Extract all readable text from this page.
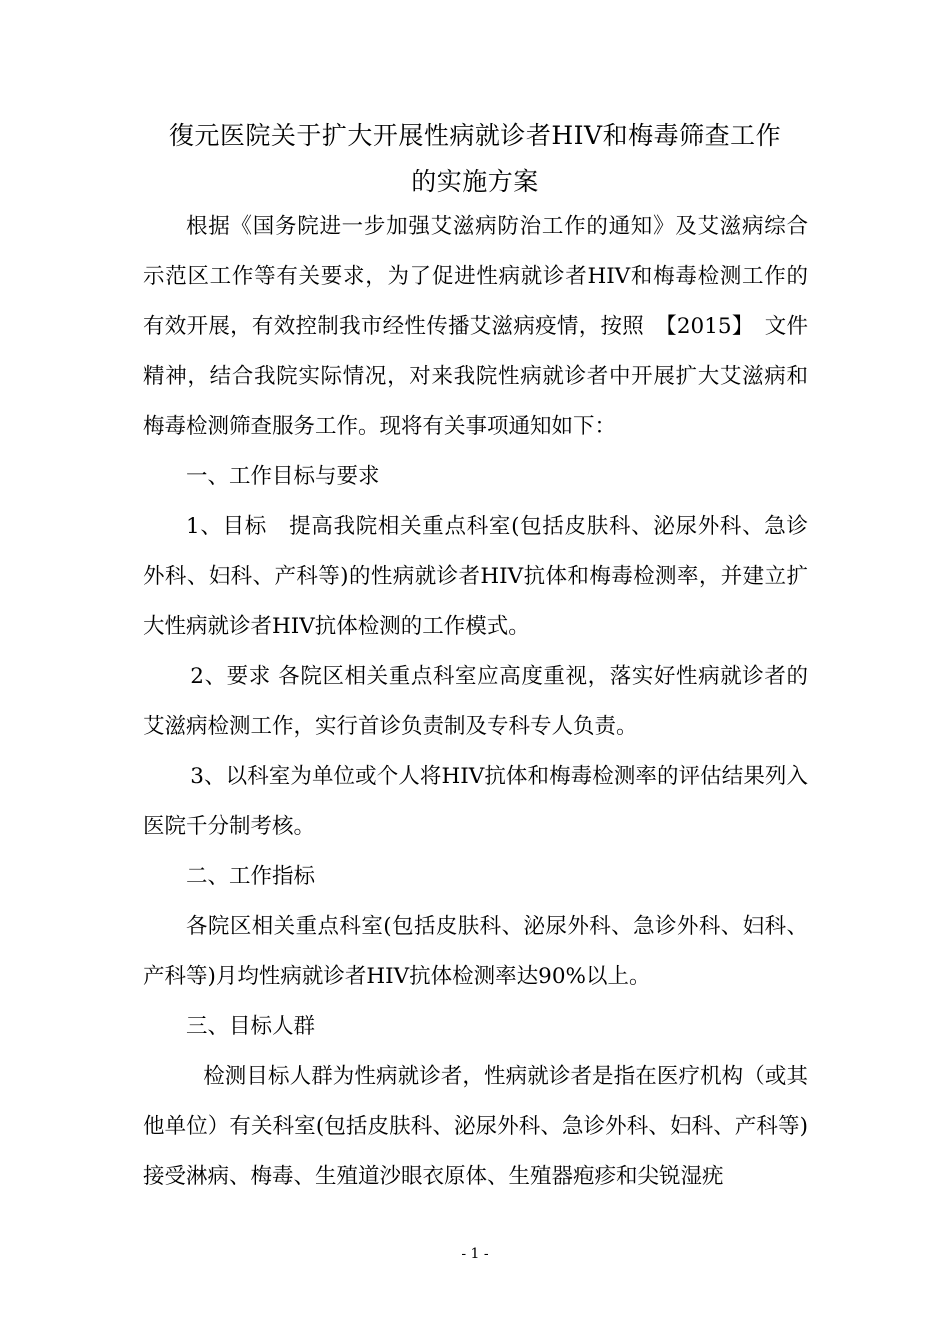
復元医院关于扩大开展性病就诊者HIV和梅毒筛查工作
的实施方案

根据《国务院进一步加强艾滋病防治工作的通知》及艾滋病综合示范区工作等有关要求，为了促进性病就诊者HIV和梅毒检测工作的有效开展，有效控制我市经性传播艾滋病疫情，按照　【2015】　文件精神，结合我院实际情况，对来我院性病就诊者中开展扩大艾滋病和梅毒检测筛查服务工作。现将有关事项通知如下：

一、工作目标与要求

1、目标　提高我院相关重点科室(包括皮肤科、泌尿外科、急诊外科、妇科、产科等)的性病就诊者HIV抗体和梅毒检测率，并建立扩大性病就诊者HIV抗体检测的工作模式。

2、要求 各院区相关重点科室应高度重视，落实好性病就诊者的艾滋病检测工作，实行首诊负责制及专科专人负责。

3、以科室为单位或个人将HIV抗体和梅毒检测率的评估结果列入医院千分制考核。

二、工作指标

各院区相关重点科室(包括皮肤科、泌尿外科、急诊外科、妇科、产科等)月均性病就诊者HIV抗体检测率达90%以上。

三、目标人群

检测目标人群为性病就诊者，性病就诊者是指在医疗机构（或其他单位）有关科室(包括皮肤科、泌尿外科、急诊外科、妇科、产科等)接受淋病、梅毒、生殖道沙眼衣原体、生殖器疱疹和尖锐湿疣

- 1 -
